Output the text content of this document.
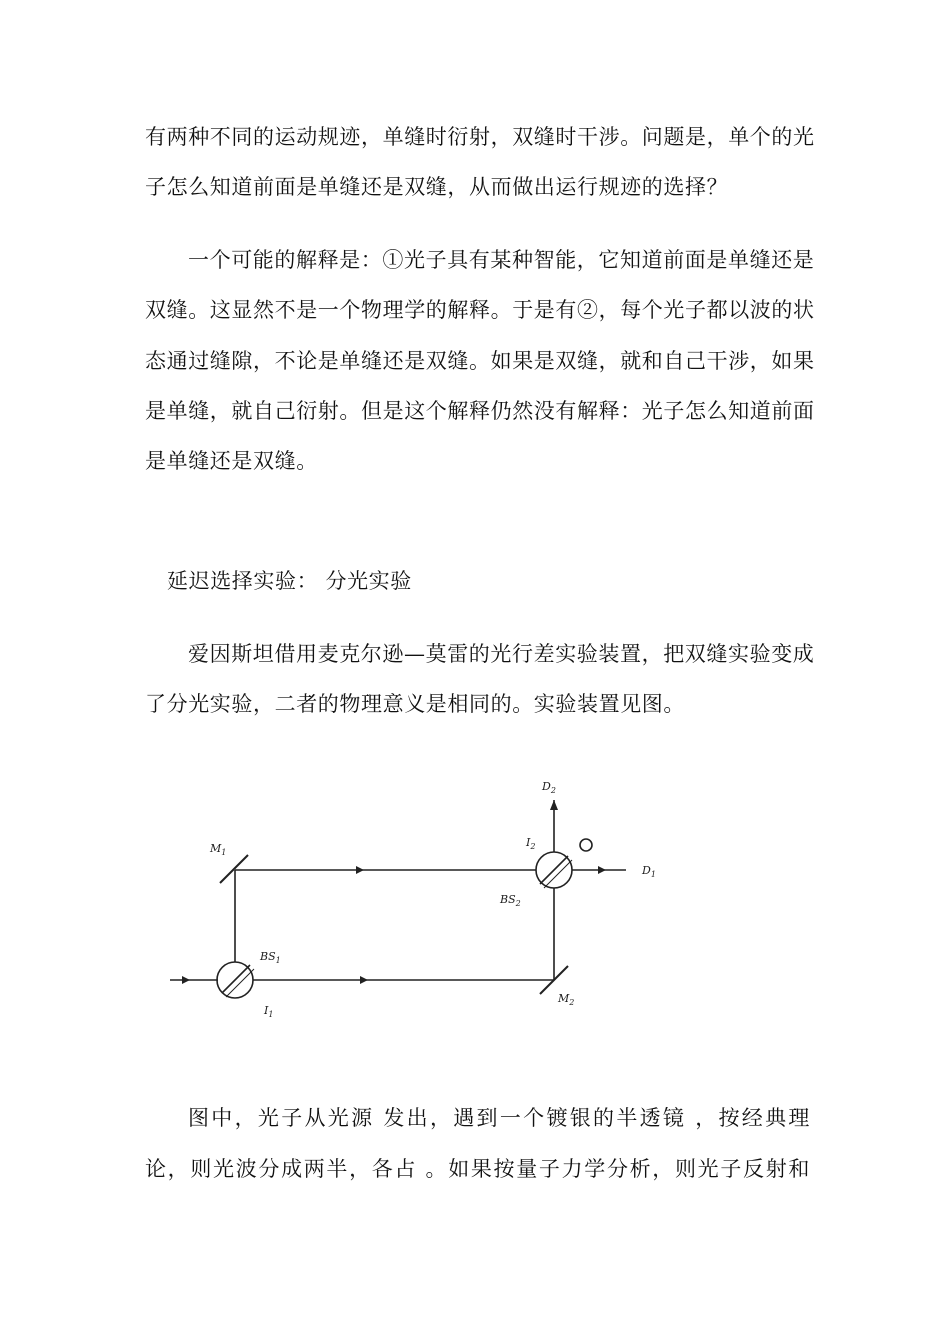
有两种不同的运动规迹，单缝时衍射，双缝时干涉。问题是，单个的光
子怎么知道前面是单缝还是双缝，从而做出运行规迹的选择？
一个可能的解释是：①光子具有某种智能，它知道前面是单缝还是
双缝。这显然不是一个物理学的解释。于是有②，每个光子都以波的状
态通过缝隙，不论是单缝还是双缝。如果是双缝，就和自己干涉，如果
是单缝，就自己衍射。但是这个解释仍然没有解释：光子怎么知道前面
是单缝还是双缝。
延迟选择实验： 分光实验
爱因斯坦借用麦克尔逊—莫雷的光行差实验装置，把双缝实验变成
了分光实验，二者的物理意义是相同的。实验装置见图。
$M_1$
$M_2$
$BS_1$
$BS_2$
$I_1$
$I_2$
$D_1$
$D_2$
图中，光子从光源 发出，遇到一个镀银的半透镜 ，按经典理
论，则光波分成两半，各占 。如果按量子力学分析，则光子反射和
